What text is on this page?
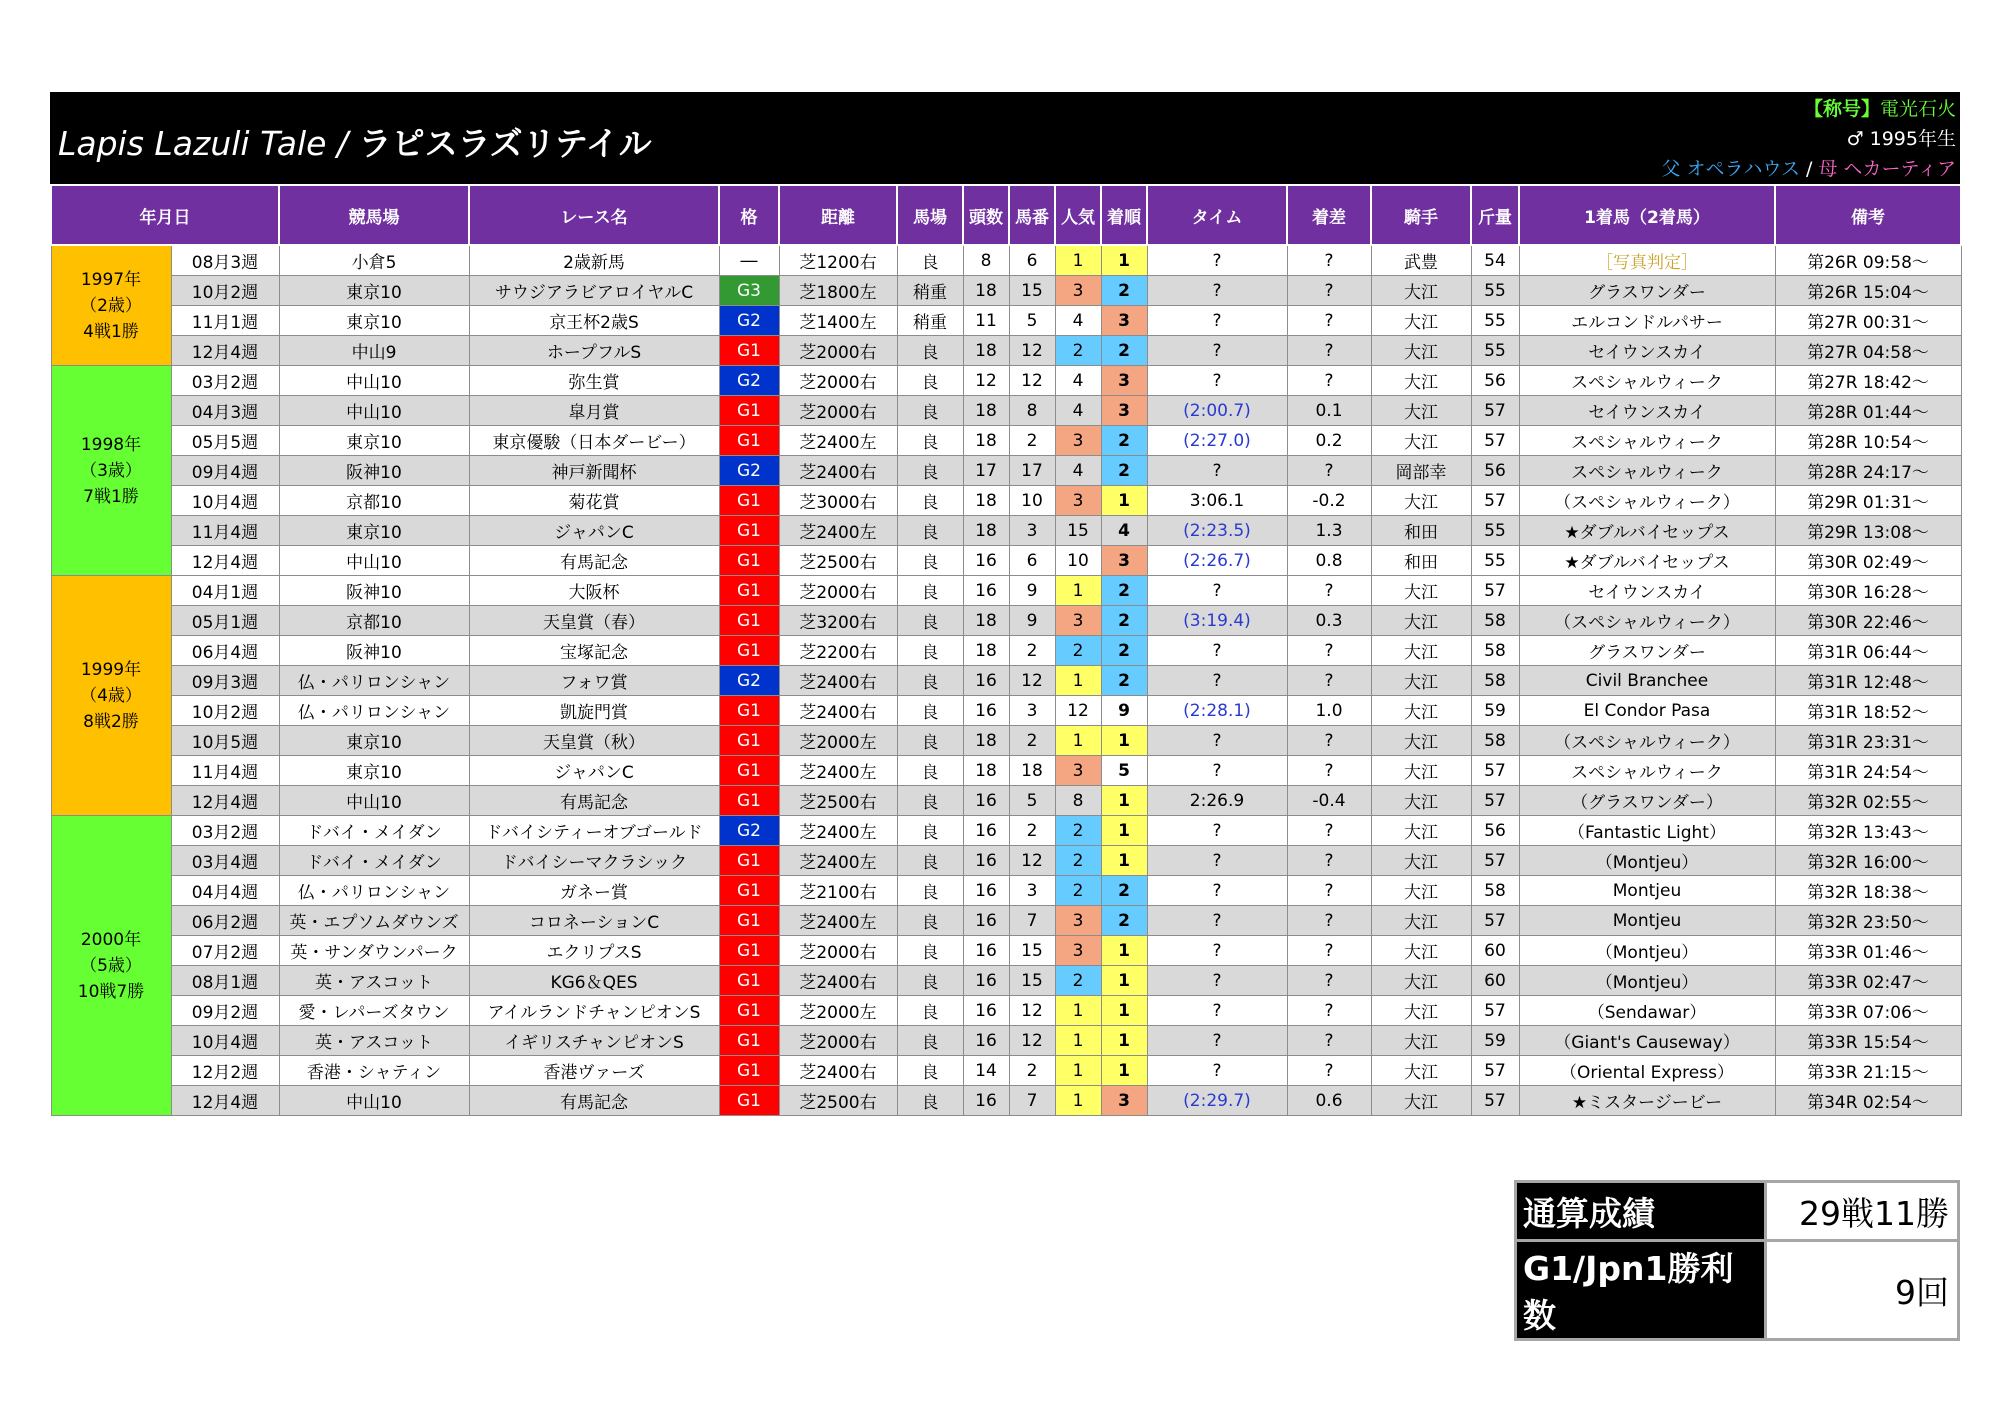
Lapis Lazuli Tale / ラピスラズリテイル
【称号】電光石火
♂ 1995年生
父 オペラハウス / 母 ヘカーティア
年月日		競馬場	レース名	格	距離	馬場	頭数	馬番	人気	着順	タイム	着差	騎手	斤量	1着馬（2着馬）	備考

1997年
（2歳）
4戦1勝	08月3週	小倉5	2歳新馬	―	芝1200右	良	8	6	1	1	?	?	武豊	54	［写真判定］	第26R 09:58～
	10月2週	東京10	サウジアラビアロイヤルC	G3	芝1800左	稍重	18	15	3	2	?	?	大江	55	グラスワンダー	第26R 15:04～
	11月1週	東京10	京王杯2歳S	G2	芝1400左	稍重	11	5	4	3	?	?	大江	55	エルコンドルパサー	第27R 00:31～
	12月4週	中山9	ホープフルS	G1	芝2000右	良	18	12	2	2	?	?	大江	55	セイウンスカイ	第27R 04:58～

1998年
（3歳）
7戦1勝	03月2週	中山10	弥生賞	G2	芝2000右	良	12	12	4	3	?	?	大江	56	スペシャルウィーク	第27R 18:42～
	04月3週	中山10	皐月賞	G1	芝2000右	良	18	8	4	3	(2:00.7)	0.1	大江	57	セイウンスカイ	第28R 01:44～
	05月5週	東京10	東京優駿（日本ダービー）	G1	芝2400左	良	18	2	3	2	(2:27.0)	0.2	大江	57	スペシャルウィーク	第28R 10:54～
	09月4週	阪神10	神戸新聞杯	G2	芝2400右	良	17	17	4	2	?	?	岡部幸	56	スペシャルウィーク	第28R 24:17～
	10月4週	京都10	菊花賞	G1	芝3000右	良	18	10	3	1	3:06.1	-0.2	大江	57	（スペシャルウィーク）	第29R 01:31～
	11月4週	東京10	ジャパンC	G1	芝2400左	良	18	3	15	4	(2:23.5)	1.3	和田	55	★ダブルバイセップス	第29R 13:08～
	12月4週	中山10	有馬記念	G1	芝2500右	良	16	6	10	3	(2:26.7)	0.8	和田	55	★ダブルバイセップス	第30R 02:49～

1999年
（4歳）
8戦2勝	04月1週	阪神10	大阪杯	G1	芝2000右	良	16	9	1	2	?	?	大江	57	セイウンスカイ	第30R 16:28～
	05月1週	京都10	天皇賞（春）	G1	芝3200右	良	18	9	3	2	(3:19.4)	0.3	大江	58	（スペシャルウィーク）	第30R 22:46～
	06月4週	阪神10	宝塚記念	G1	芝2200右	良	18	2	2	2	?	?	大江	58	グラスワンダー	第31R 06:44～
	09月3週	仏・パリロンシャン	フォワ賞	G2	芝2400右	良	16	12	1	2	?	?	大江	58	Civil Branchee	第31R 12:48～
	10月2週	仏・パリロンシャン	凱旋門賞	G1	芝2400右	良	16	3	12	9	(2:28.1)	1.0	大江	59	El Condor Pasa	第31R 18:52～
	10月5週	東京10	天皇賞（秋）	G1	芝2000左	良	18	2	1	1	?	?	大江	58	（スペシャルウィーク）	第31R 23:31～
	11月4週	東京10	ジャパンC	G1	芝2400左	良	18	18	3	5	?	?	大江	57	スペシャルウィーク	第31R 24:54～
	12月4週	中山10	有馬記念	G1	芝2500右	良	16	5	8	1	2:26.9	-0.4	大江	57	（グラスワンダー）	第32R 02:55～

2000年
（5歳）
10戦7勝	03月2週	ドバイ・メイダン	ドバイシティーオブゴールド	G2	芝2400左	良	16	2	2	1	?	?	大江	56	（Fantastic Light）	第32R 13:43～
	03月4週	ドバイ・メイダン	ドバイシーマクラシック	G1	芝2400左	良	16	12	2	1	?	?	大江	57	（Montjeu）	第32R 16:00～
	04月4週	仏・パリロンシャン	ガネー賞	G1	芝2100右	良	16	3	2	2	?	?	大江	58	Montjeu	第32R 18:38～
	06月2週	英・エプソムダウンズ	コロネーションC	G1	芝2400左	良	16	7	3	2	?	?	大江	57	Montjeu	第32R 23:50～
	07月2週	英・サンダウンパーク	エクリプスS	G1	芝2000右	良	16	15	3	1	?	?	大江	60	（Montjeu）	第33R 01:46～
	08月1週	英・アスコット	KG6＆QES	G1	芝2400右	良	16	15	2	1	?	?	大江	60	（Montjeu）	第33R 02:47～
	09月2週	愛・レパーズタウン	アイルランドチャンピオンS	G1	芝2000左	良	16	12	1	1	?	?	大江	57	（Sendawar）	第33R 07:06～
	10月4週	英・アスコット	イギリスチャンピオンS	G1	芝2000右	良	16	12	1	1	?	?	大江	59	（Giant's Causeway）	第33R 15:54～
	12月2週	香港・シャティン	香港ヴァーズ	G1	芝2400右	良	14	2	1	1	?	?	大江	57	（Oriental Express）	第33R 21:15～
	12月4週	中山10	有馬記念	G1	芝2500右	良	16	7	1	3	(2:29.7)	0.6	大江	57	★ミスタージービー	第34R 02:54～
通算成績	29戦11勝
G1/Jpn1勝利数	9回
